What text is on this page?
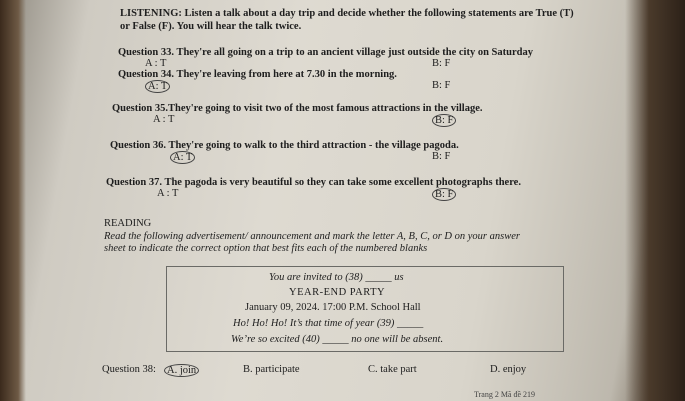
LISTENING: Listen a talk about a day trip and decide whether the following statements are True (T)
or False (F). You will hear the talk twice.
Question 33. They're all going on a trip to an ancient village just outside the city on Saturday
A : T	B: F
Question 34. They're leaving from here at 7.30 in the morning.
A: T	B: F
Question 35.They're going to visit two of the most famous attractions in the village.
A : T	B: F
Question 36. They're going to walk to the third attraction - the village pagoda.
A: T	B: F
Question 37. The pagoda is very beautiful so they can take some excellent photographs there.
A : T	B: F
READING
Read the following advertisement/ announcement and mark the letter A, B, C, or D on your answer
sheet to indicate the correct option that best fits each of the numbered blanks
You are invited to (38) _____ us
YEAR-END PARTY
January 09, 2024. 17:00 P.M. School Hall
Ho! Ho! Ho! It’s that time of year (39) _____
We’re so excited (40) _____ no one will be absent.
Question 38: A. join	B. participate	C. take part	D. enjoy
Trang 2 Mã đề 219
